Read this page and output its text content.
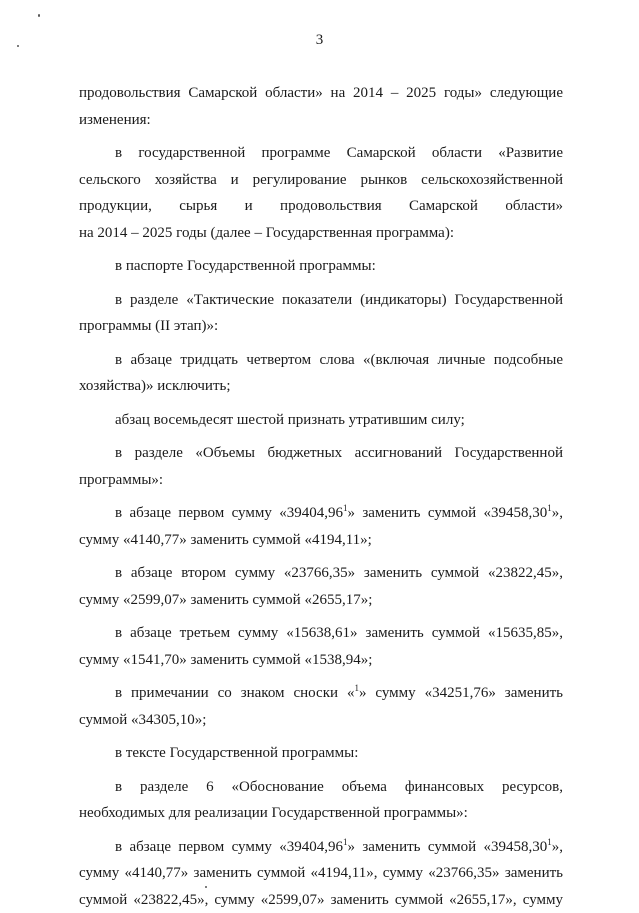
3
продовольствия Самарской области» на 2014 – 2025 годы» следующие
изменения:
в государственной программе Самарской области «Развитие
сельского хозяйства и регулирование рынков сельскохозяйственной
продукции, сырья и продовольствия Самарской области»
на 2014 – 2025 годы (далее – Государственная программа):
в паспорте Государственной программы:
в разделе «Тактические показатели (индикаторы) Государственной
программы (II этап)»:
в абзаце тридцать четвертом слова «(включая личные подсобные
хозяйства)» исключить;
абзац восемьдесят шестой признать утратившим силу;
в разделе «Объемы бюджетных ассигнований Государственной
программы»:
в абзаце первом сумму «39404,96$^1$» заменить суммой «39458,30$^1$»,
сумму «4140,77» заменить суммой «4194,11»;
в абзаце втором сумму «23766,35» заменить суммой «23822,45»,
сумму «2599,07» заменить суммой «2655,17»;
в абзаце третьем сумму «15638,61» заменить суммой «15635,85»,
сумму «1541,70» заменить суммой «1538,94»;
в примечании со знаком сноски «$^1$» сумму «34251,76» заменить
суммой «34305,10»;
в тексте Государственной программы:
в разделе 6 «Обоснование объема финансовых ресурсов,
необходимых для реализации Государственной программы»:
в абзаце первом сумму «39404,96$^1$» заменить суммой «39458,30$^1$»,
сумму «4140,77» заменить суммой «4194,11», сумму «23766,35» заменить
суммой «23822,45», сумму «2599,07» заменить суммой «2655,17», сумму
